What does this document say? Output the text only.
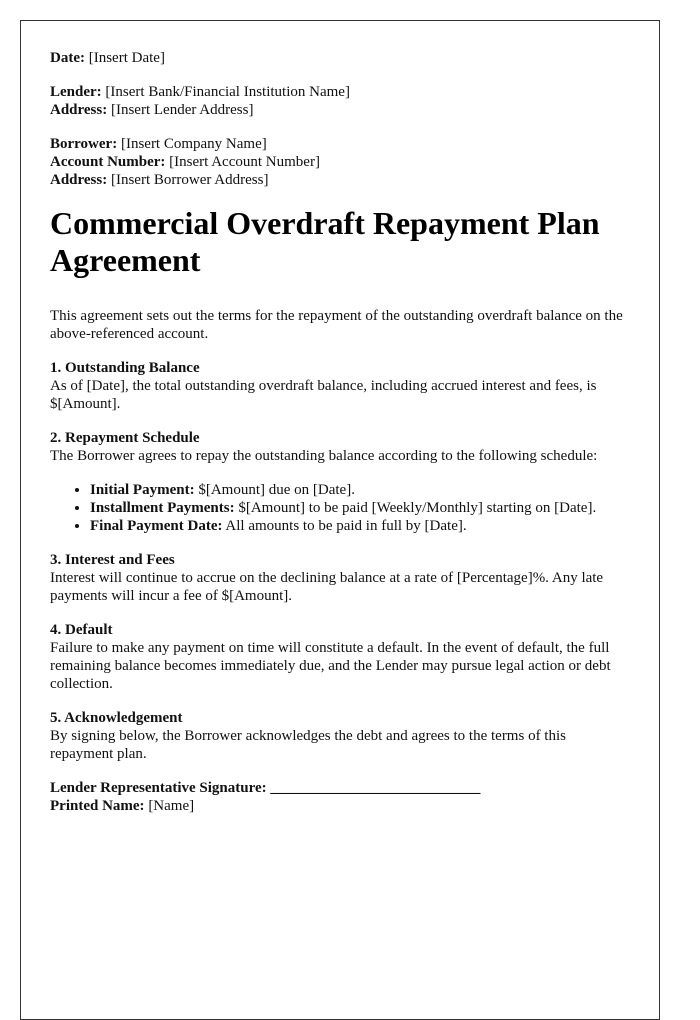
Date: [Insert Date]

Lender: [Insert Bank/Financial Institution Name]
Address: [Insert Lender Address]

Borrower: [Insert Company Name]
Account Number: [Insert Account Number]
Address: [Insert Borrower Address]

Commercial Overdraft Repayment Plan Agreement

This agreement sets out the terms for the repayment of the outstanding overdraft balance on the above-referenced account.

1. Outstanding Balance
As of [Date], the total outstanding overdraft balance, including accrued interest and fees, is $[Amount].

2. Repayment Schedule
The Borrower agrees to repay the outstanding balance according to the following schedule:
• Initial Payment: $[Amount] due on [Date].
• Installment Payments: $[Amount] to be paid [Weekly/Monthly] starting on [Date].
• Final Payment Date: All amounts to be paid in full by [Date].

3. Interest and Fees
Interest will continue to accrue on the declining balance at a rate of [Percentage]%. Any late payments will incur a fee of $[Amount].

4. Default
Failure to make any payment on time will constitute a default. In the event of default, the full remaining balance becomes immediately due, and the Lender may pursue legal action or debt collection.

5. Acknowledgement
By signing below, the Borrower acknowledges the debt and agrees to the terms of this repayment plan.

Lender Representative Signature: ____________________________
Printed Name: [Name]
